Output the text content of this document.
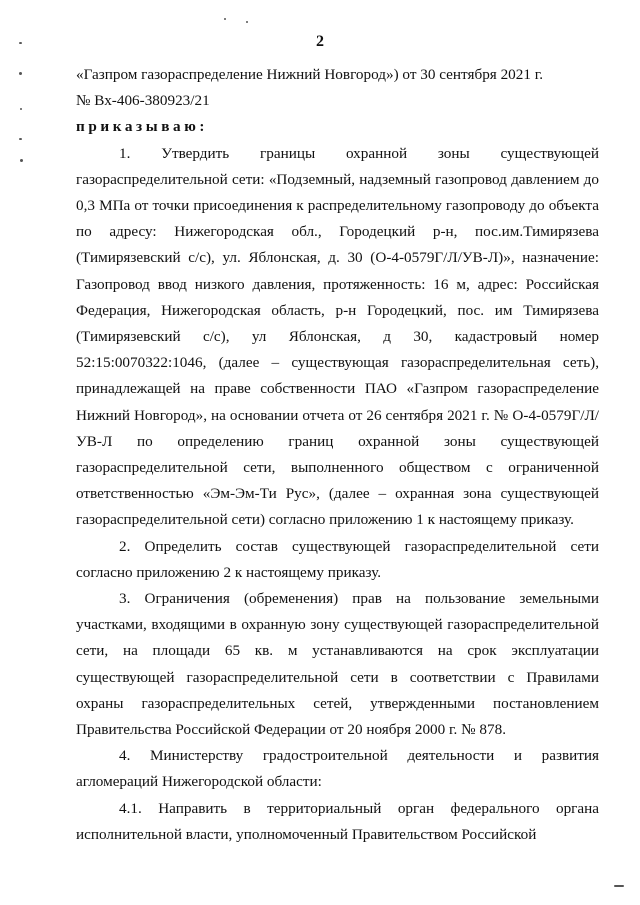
2

«Газпром газораспределение Нижний Новгород») от 30 сентября 2021 г.

№ Вх-406-380923/21

приказываю:

1. Утвердить границы охранной зоны существующей газораспределительной сети: «Подземный, надземный газопровод давлением до 0,3 МПа от точки присоединения к распределительному газопроводу до объекта по адресу: Нижегородская обл., Городецкий р-н, пос.им.Тимирязева (Тимирязевский с/с), ул. Яблонская, д. 30 (О-4-0579Г/Л/УВ-Л)», назначение: Газопровод ввод низкого давления, протяженность: 16 м, адрес: Российская Федерация, Нижегородская область, р-н Городецкий, пос. им Тимирязева (Тимирязевский с/с), ул Яблонская, д 30, кадастровый номер 52:15:0070322:1046, (далее – существующая газораспределительная сеть), принадлежащей на праве собственности ПАО «Газпром газораспределение Нижний Новгород», на основании отчета от 26 сентября 2021 г. № О-4-0579Г/Л/УВ-Л по определению границ охранной зоны существующей газораспределительной сети, выполненного обществом с ограниченной ответственностью «Эм-Эм-Ти Рус», (далее – охранная зона существующей газораспределительной сети) согласно приложению 1 к настоящему приказу.

2. Определить состав существующей газораспределительной сети согласно приложению 2 к настоящему приказу.

3. Ограничения (обременения) прав на пользование земельными участками, входящими в охранную зону существующей газораспределительной сети, на площади 65 кв. м устанавливаются на срок эксплуатации существующей газораспределительной сети в соответствии с Правилами охраны газораспределительных сетей, утвержденными постановлением Правительства Российской Федерации от 20 ноября 2000 г. № 878.

4. Министерству градостроительной деятельности и развития агломераций Нижегородской области:

4.1. Направить в территориальный орган федерального органа исполнительной власти, уполномоченный Правительством Российской
